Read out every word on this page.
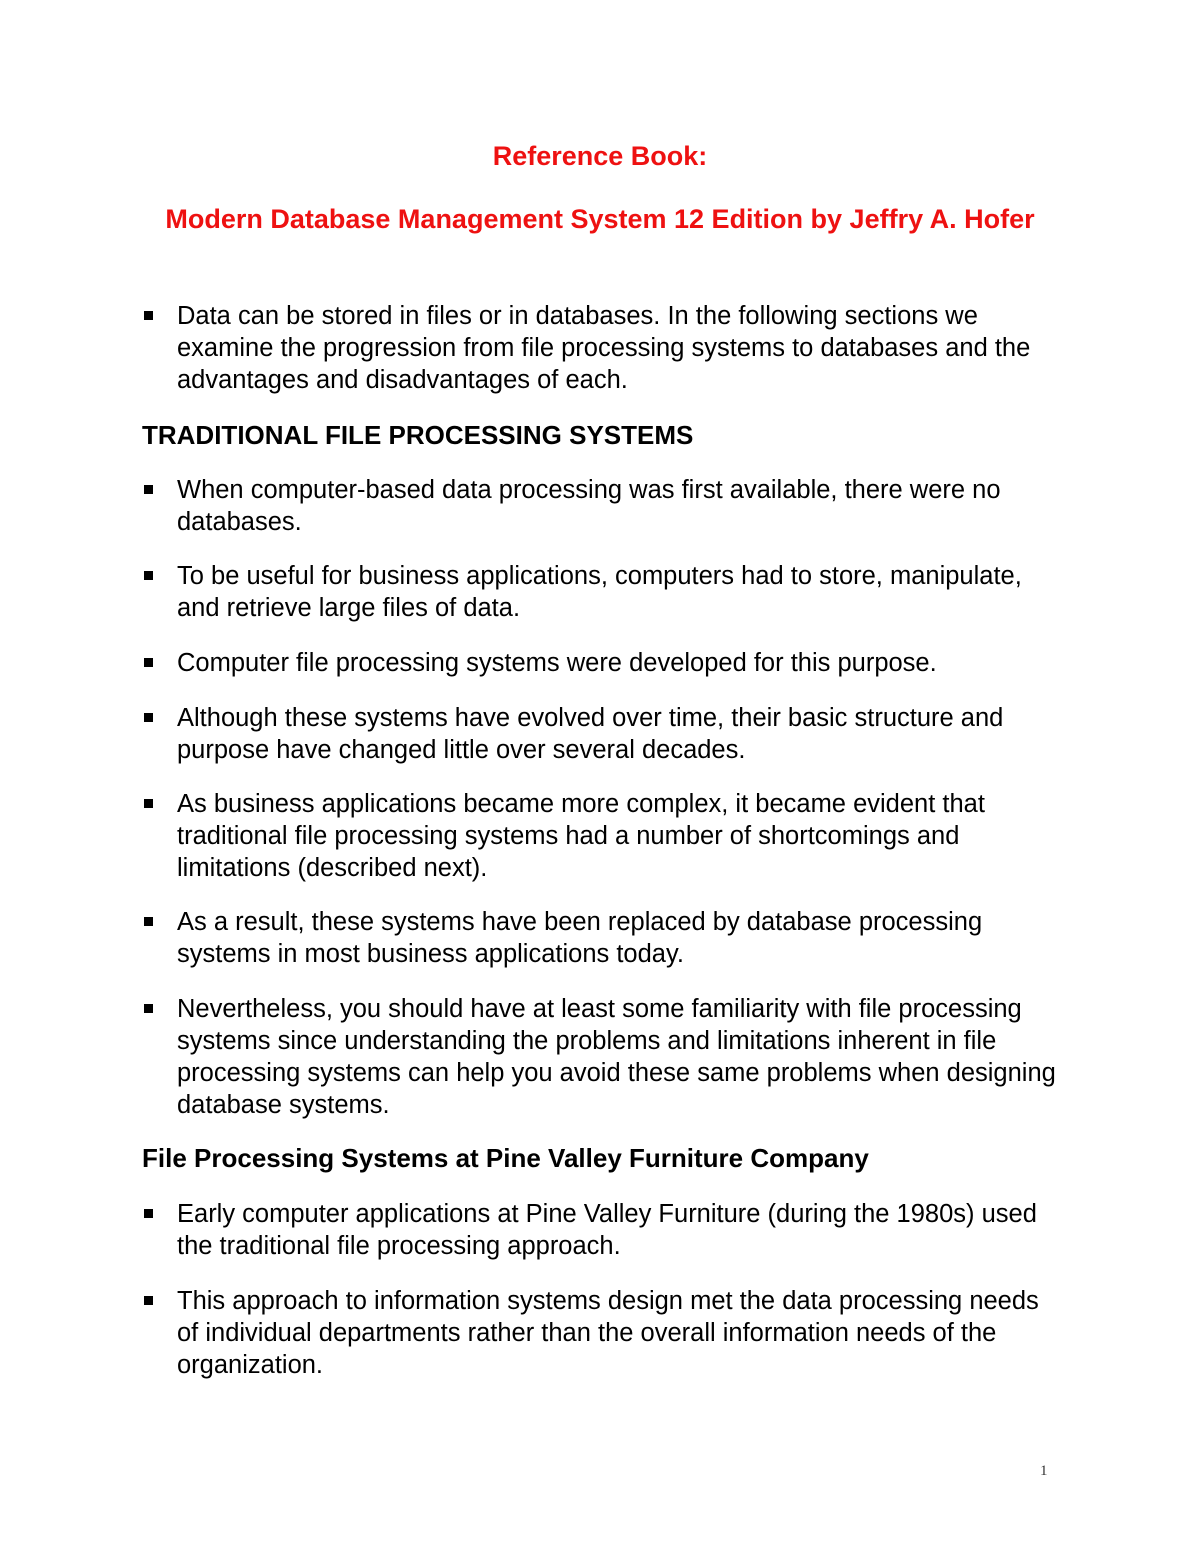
Reference Book:

Modern Database Management System 12 Edition by Jeffry A. Hofer

Data can be stored in files or in databases. In the following sections we examine the progression from file processing systems to databases and the advantages and disadvantages of each.

TRADITIONAL FILE PROCESSING SYSTEMS

When computer-based data processing was first available, there were no databases.
To be useful for business applications, computers had to store, manipulate, and retrieve large files of data.
Computer file processing systems were developed for this purpose.
Although these systems have evolved over time, their basic structure and purpose have changed little over several decades.
As business applications became more complex, it became evident that traditional file processing systems had a number of shortcomings and limitations (described next).
As a result, these systems have been replaced by database processing systems in most business applications today.
Nevertheless, you should have at least some familiarity with file processing systems since understanding the problems and limitations inherent in file processing systems can help you avoid these same problems when designing database systems.

File Processing Systems at Pine Valley Furniture Company

Early computer applications at Pine Valley Furniture (during the 1980s) used the traditional file processing approach.
This approach to information systems design met the data processing needs of individual departments rather than the overall information needs of the organization.
1
